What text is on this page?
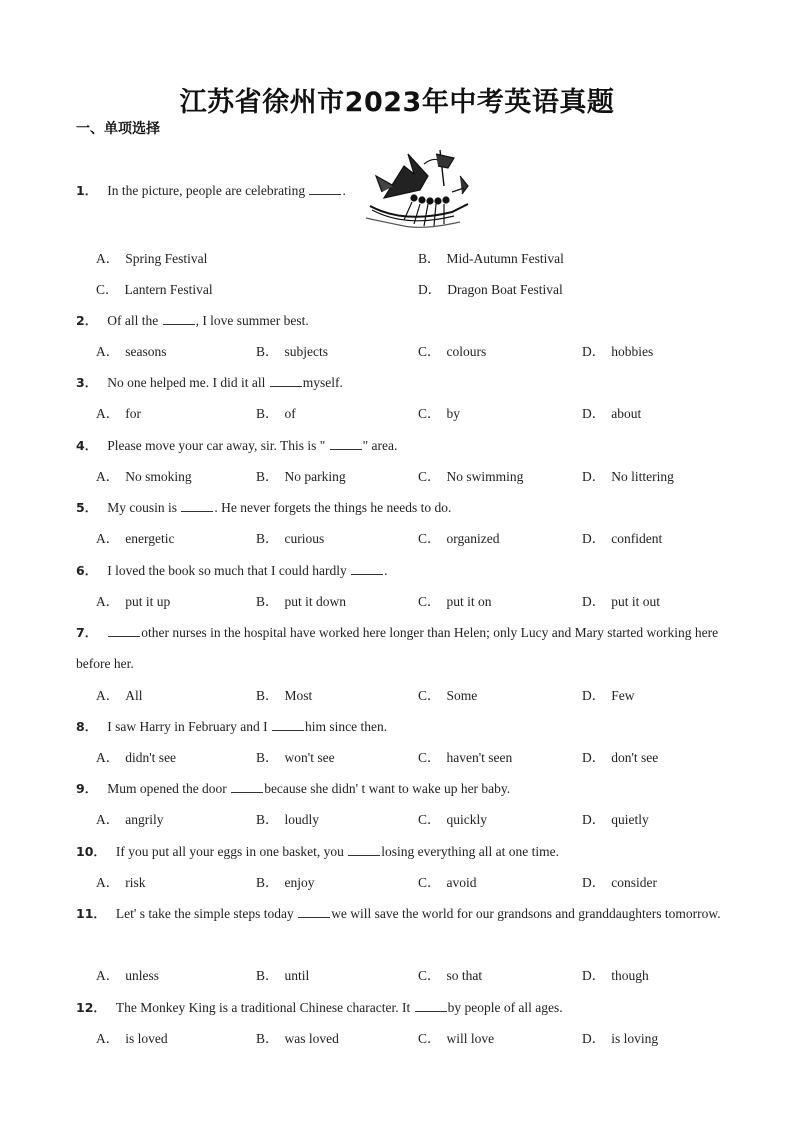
江苏省徐州市2023年中考英语真题
一、单项选择
1． In the picture, people are celebrating	.
A． Spring Festival	B． Mid-Autumn Festival
C． Lantern Festival	D． Dragon Boat Festival
2． Of all the	, I love summer best.
A． seasons	B． subjects	C． colours	D． hobbies
3． No one helped me. I did it all	myself.
A． for	B． of	C． by	D． about
4． Please move your car away, sir. This is "	" area.
A． No smoking	B． No parking	C． No swimming	D． No littering
5． My cousin is	. He never forgets the things he needs to do.
A． energetic	B． curious	C． organized	D． confident
6． I loved the book so much that I could hardly	.
A． put it up	B． put it down	C． put it on	D． put it out
7．	other nurses in the hospital have worked here longer than Helen; only Lucy and Mary started working here before her.
A． All	B． Most	C． Some	D． Few
8． I saw Harry in February and I	him since then.
A． didn't see	B． won't see	C． haven't seen	D． don't see
9． Mum opened the door	because she didn' t want to wake up her baby.
A． angrily	B． loudly	C． quickly	D． quietly
10． If you put all your eggs in one basket, you	losing everything all at one time.
A． risk	B． enjoy	C． avoid	D． consider
11． Let' s take the simple steps today	we will save the world for our grandsons and granddaughters tomorrow.
A． unless	B． until	C． so that	D． though
12． The Monkey King is a traditional Chinese character. It	by people of all ages.
A． is loved	B． was loved	C． will love	D． is loving
